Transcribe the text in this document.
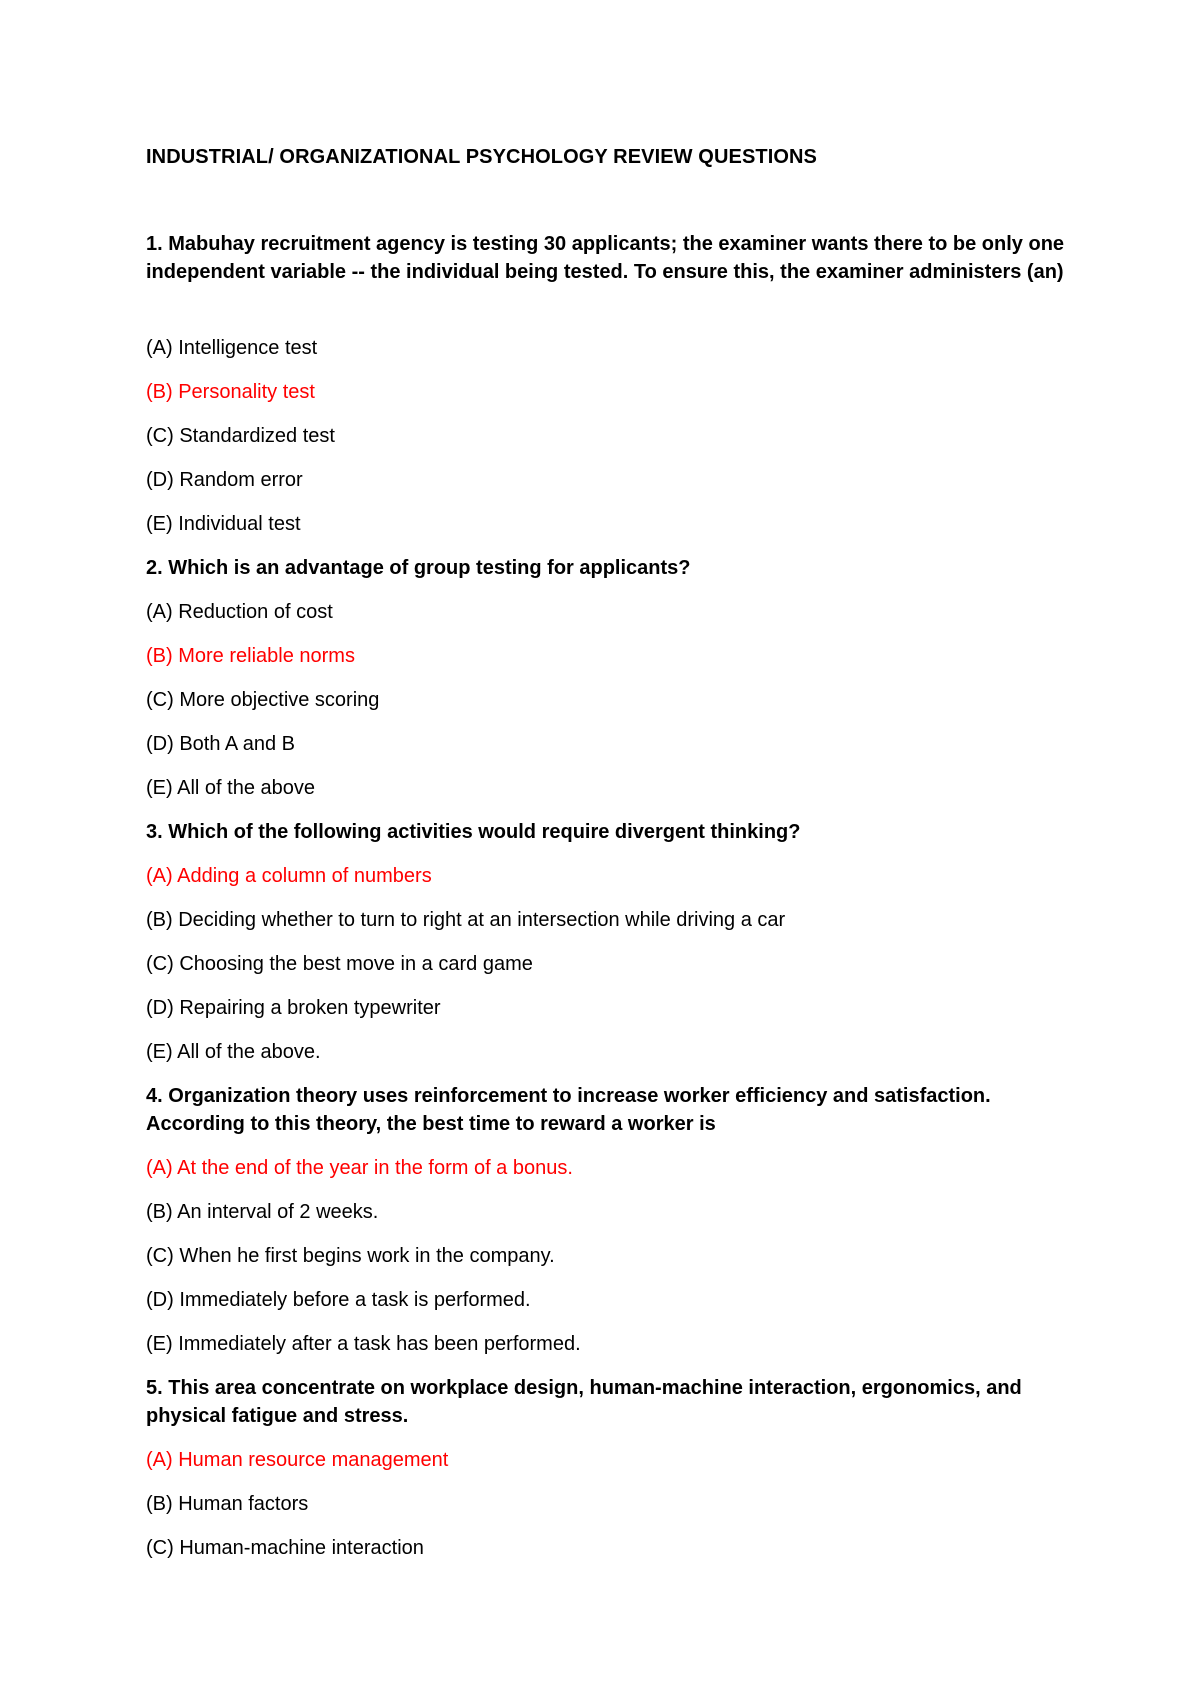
INDUSTRIAL/ ORGANIZATIONAL PSYCHOLOGY REVIEW QUESTIONS
1. Mabuhay recruitment agency is testing 30 applicants; the examiner wants there to be only one independent variable -- the individual being tested. To ensure this, the examiner administers (an)
(A) Intelligence test
(B) Personality test
(C) Standardized test
(D) Random error
(E) Individual test
2. Which is an advantage of group testing for applicants?
(A) Reduction of cost
(B) More reliable norms
(C) More objective scoring
(D) Both A and B
(E) All of the above
3. Which of the following activities would require divergent thinking?
(A) Adding a column of numbers
(B) Deciding whether to turn to right at an intersection while driving a car
(C) Choosing the best move in a card game
(D) Repairing a broken typewriter
(E) All of the above.
4. Organization theory uses reinforcement to increase worker efficiency and satisfaction. According to this theory, the best time to reward a worker is
(A) At the end of the year in the form of a bonus.
(B) An interval of 2 weeks.
(C) When he first begins work in the company.
(D) Immediately before a task is performed.
(E) Immediately after a task has been performed.
5. This area concentrate on workplace design, human-machine interaction, ergonomics, and physical fatigue and stress.
(A) Human resource management
(B) Human factors
(C) Human-machine interaction
